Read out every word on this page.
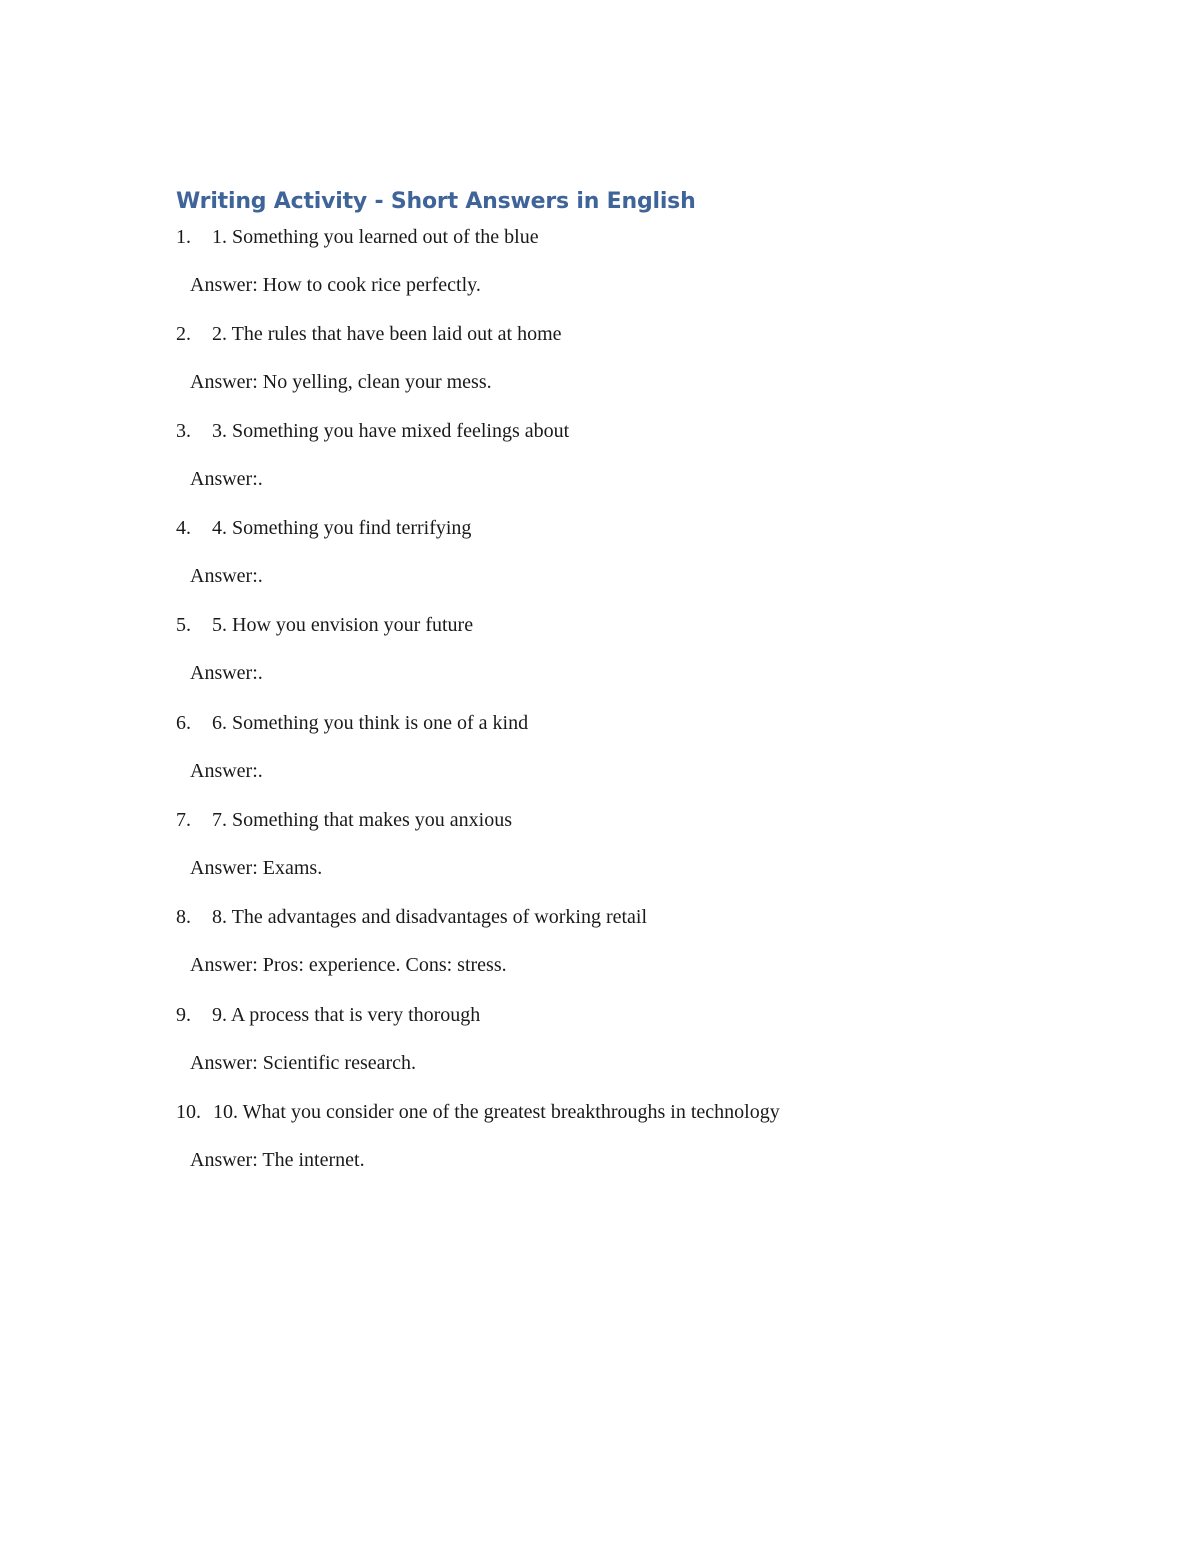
Writing Activity - Short Answers in English
1. 1. Something you learned out of the blue
Answer: How to cook rice perfectly.
2. 2. The rules that have been laid out at home
Answer: No yelling, clean your mess.
3. 3. Something you have mixed feelings about
Answer:.
4. 4. Something you find terrifying
Answer:.
5. 5. How you envision your future
Answer:.
6. 6. Something you think is one of a kind
Answer:.
7. 7. Something that makes you anxious
Answer: Exams.
8. 8. The advantages and disadvantages of working retail
Answer: Pros: experience. Cons: stress.
9. 9. A process that is very thorough
Answer: Scientific research.
10. 10. What you consider one of the greatest breakthroughs in technology
Answer: The internet.
